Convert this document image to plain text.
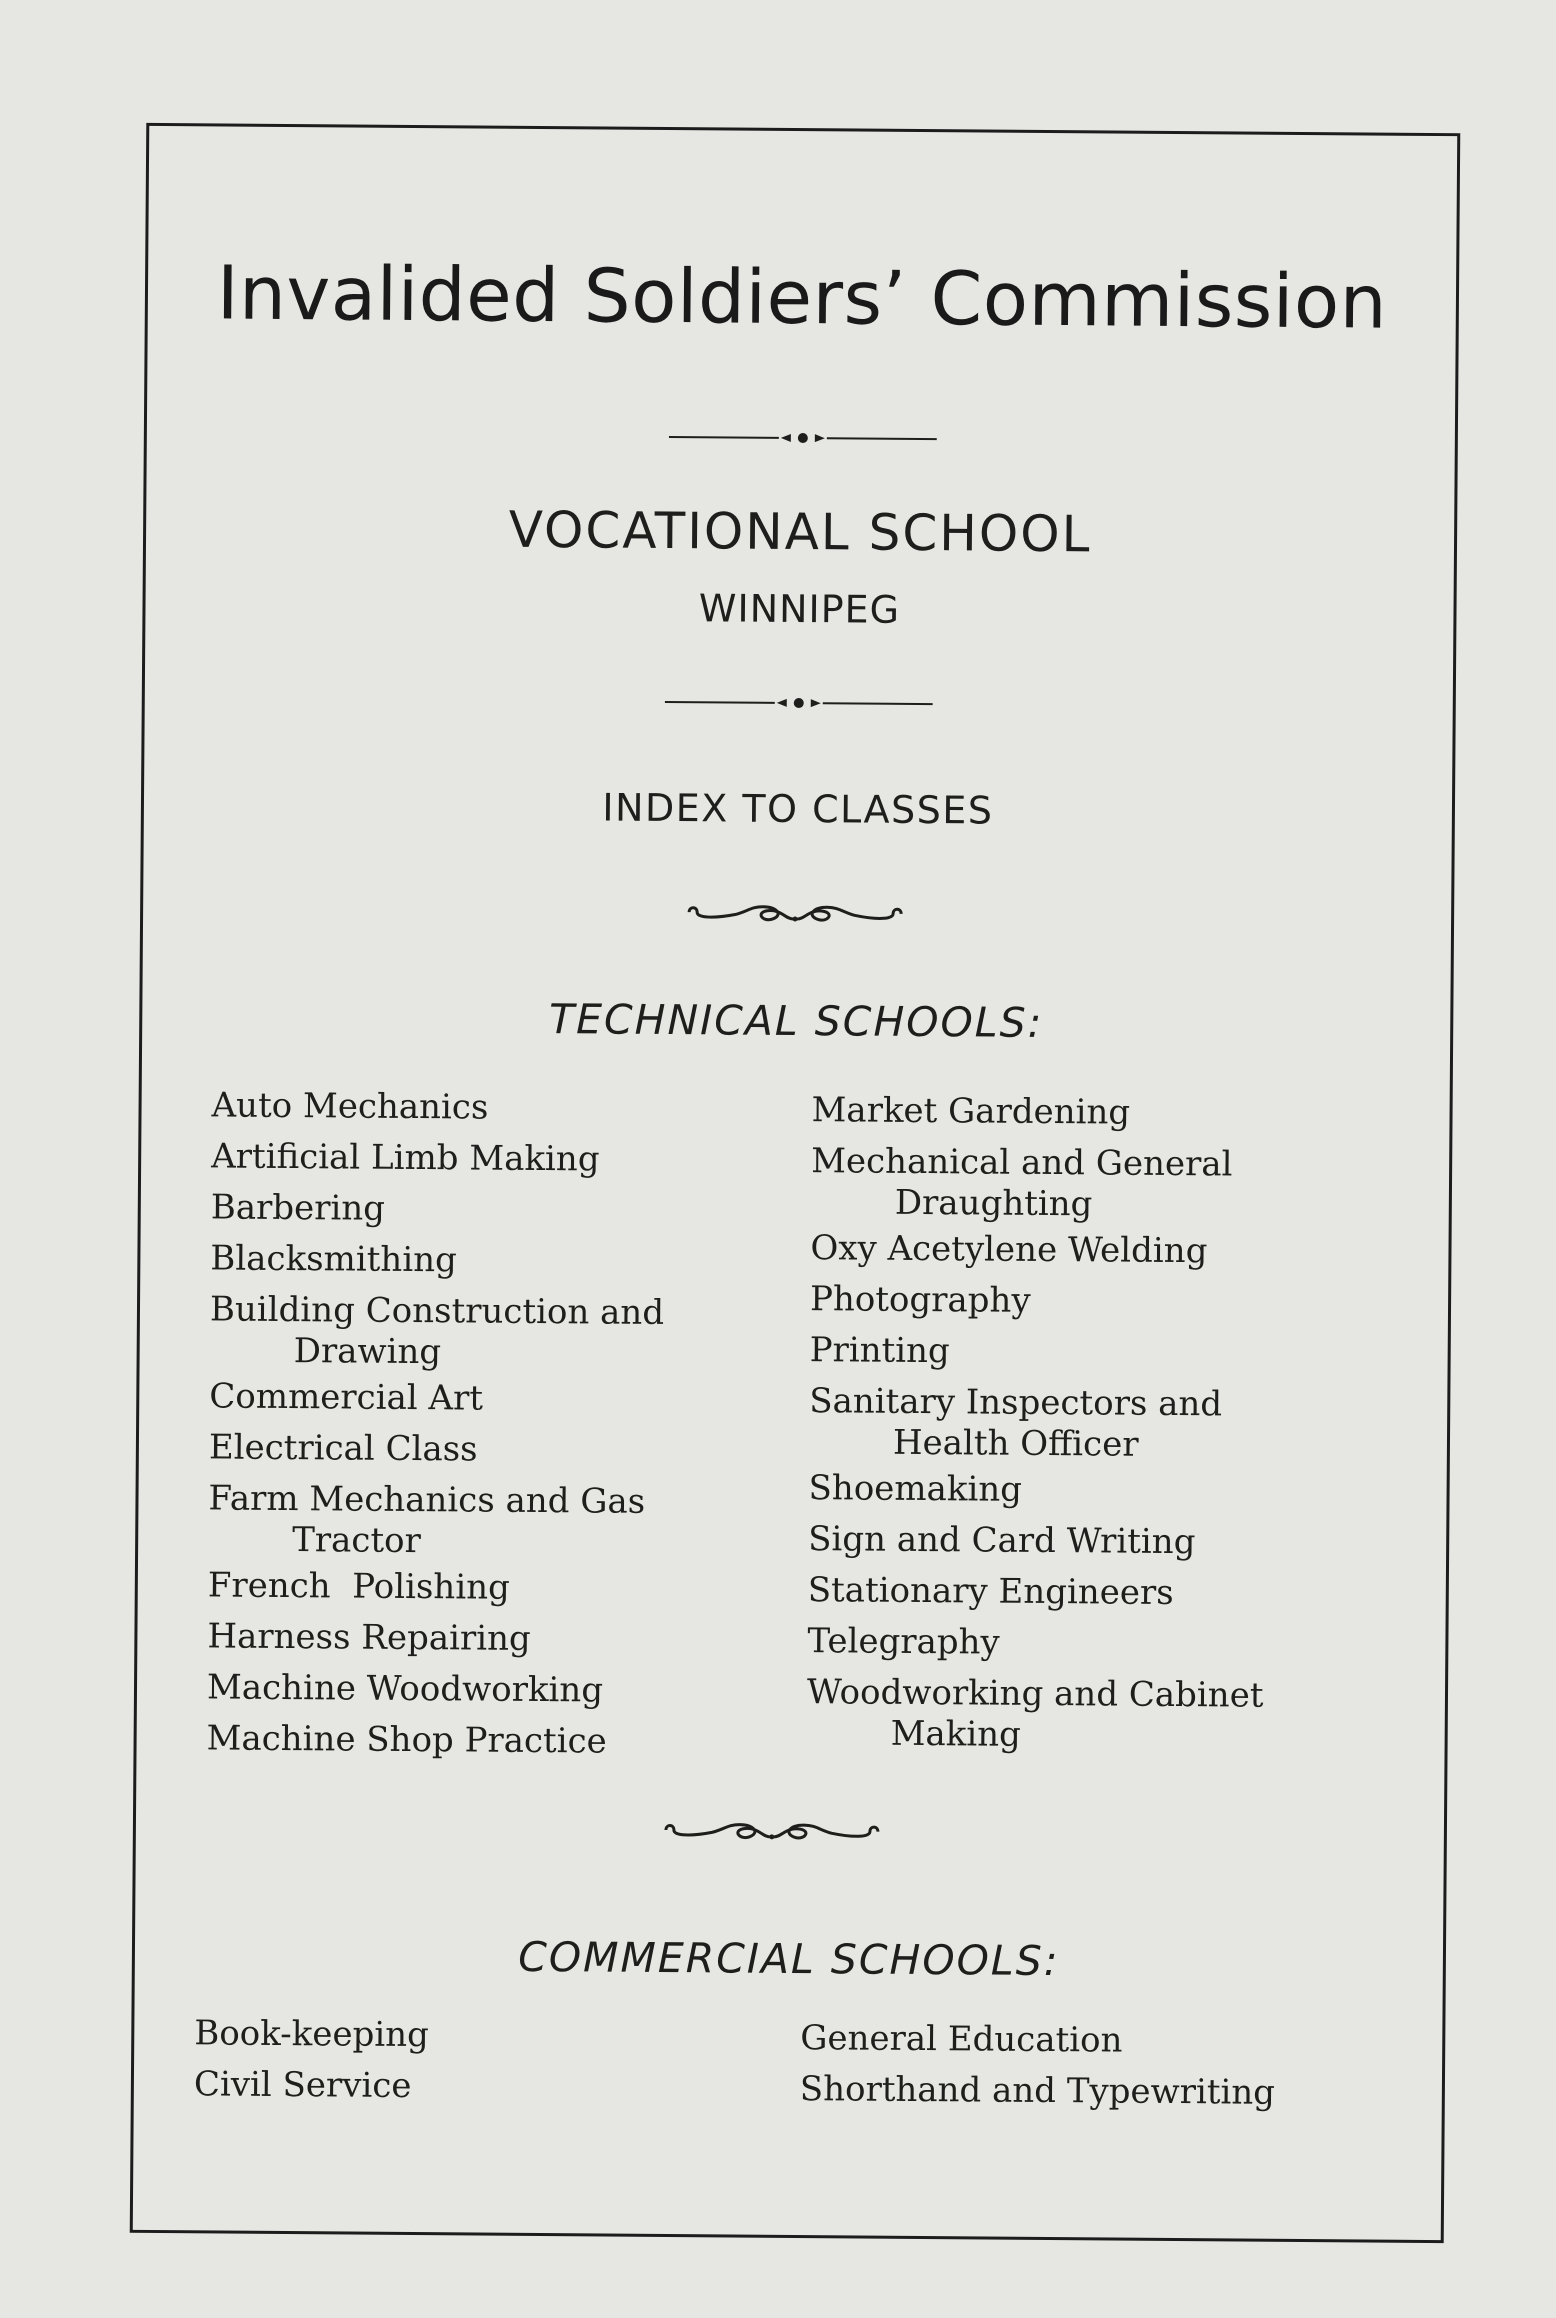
Invalided Soldiers’ Commission
VOCATIONAL SCHOOL
WINNIPEG
INDEX TO CLASSES
TECHNICAL SCHOOLS:
Auto Mechanics
Artificial Limb Making
Barbering
Blacksmithing
Building Construction and
Drawing
Commercial Art
Electrical Class
Farm Mechanics and Gas
Tractor
French  Polishing
Harness Repairing
Machine Woodworking
Machine Shop Practice
Market Gardening
Mechanical and General
Draughting
Oxy Acetylene Welding
Photography
Printing
Sanitary Inspectors and
Health Officer
Shoemaking
Sign and Card Writing
Stationary Engineers
Telegraphy
Woodworking and Cabinet
Making
COMMERCIAL SCHOOLS:
Book-keeping
Civil Service
General Education
Shorthand and Typewriting
